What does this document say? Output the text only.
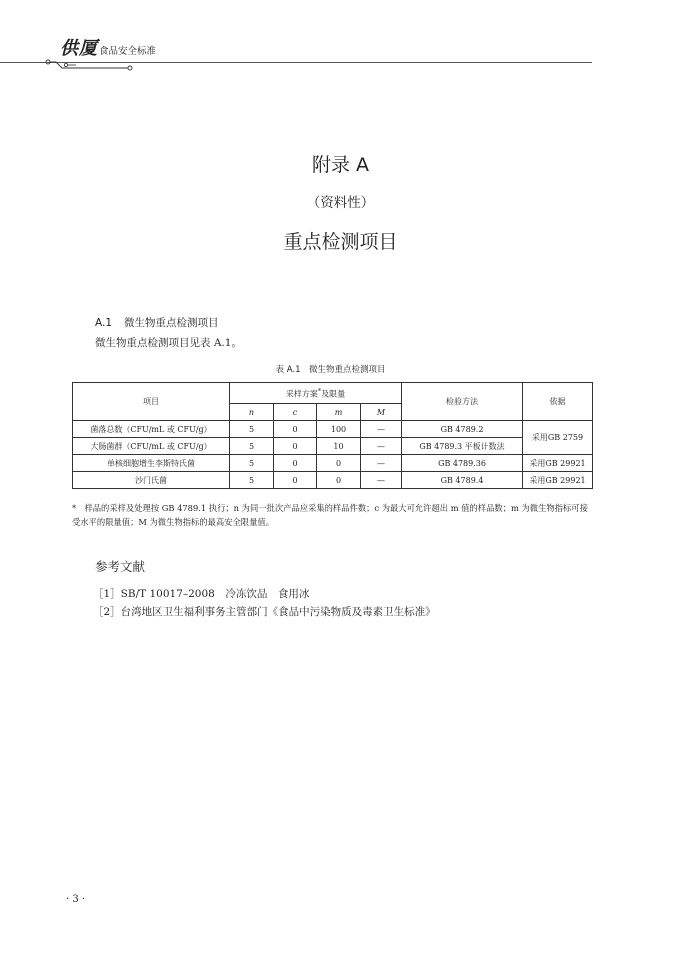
供厦 食品安全标准
附录 A
（资料性）
重点检测项目
A.1 微生物重点检测项目
微生物重点检测项目见表 A.1。
表 A.1　微生物重点检测项目
项目	采样方案*及限量				检验方法	依据
	n	c	m	M		
菌落总数（CFU/mL 或 CFU/g）	5	0	100	—	GB 4789.2	采用GB 2759
大肠菌群（CFU/mL 或 CFU/g）	5	0	10	—	GB 4789.3 平板计数法	
单核细胞增生李斯特氏菌	5	0	0	—	GB 4789.36	采用GB 29921
沙门氏菌	5	0	0	—	GB 4789.4	采用GB 29921
*　样品的采样及处理按 GB 4789.1 执行；n 为同一批次产品应采集的样品件数；c 为最大可允许超出 m 值的样品数；m 为微生物指标可接受水平的限量值；M 为微生物指标的最高安全限量值。
参考文献
［1］SB/T 10017–2008　冷冻饮品　食用冰
［2］台湾地区卫生福利事务主管部门《食品中污染物质及毒素卫生标准》
· 3 ·
